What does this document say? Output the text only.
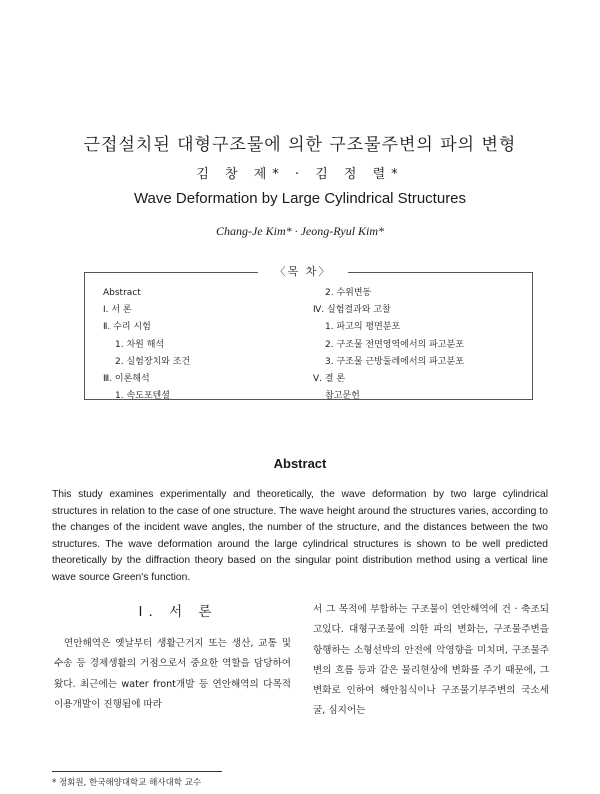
근접설치된 대형구조물에 의한 구조물주변의 파의 변형
김 창 제* · 김 정 렬*
Wave Deformation by Large Cylindrical Structures
Chang-Je Kim* · Jeong-Ryul Kim*
〈목 차〉
Abstract
Ⅰ. 서 론
Ⅱ. 수리 시험
1. 차원 해석
2. 실험장치와 조건
Ⅲ. 이론해석
1. 속도포텐셜
2. 수위변동
Ⅳ. 실험결과와 고찰
1. 파고의 평면분포
2. 구조물 전면영역에서의 파고분포
3. 구조물 근방둘레에서의 파고분포
Ⅴ. 결 론
참고문헌
Abstract
This study examines experimentally and theoretically, the wave deformation by two large cylindrical structures in relation to the case of one structure. The wave height around the structures varies, according to the changes of the incident wave angles, the number of the structure, and the distances between the two structures. The wave deformation around the large cylindrical structures is shown to be well predicted theoretically by the diffraction theory based on the singular point distribution method using a vertical line wave source Green's function.
Ⅰ. 서 론
연안해역은 옛날부터 생활근거지 또는 생산, 교통 및 수송 등 경제생활의 거점으로서 중요한 역할을 담당하여 왔다. 최근에는 water front개발 등 연안해역의 다목적 이용개발이 진행됨에 따라
서 그 목적에 부합하는 구조물이 연안해역에 건 · 축조되고있다. 대형구조물에 의한 파의 변화는, 구조물주변을 항행하는 소형선박의 안전에 악영향을 미치며, 구조물주변의 흐름 등과 같은 물리현상에 변화를 주기 때문에, 그 변화로 인하여 해안침식이나 구조물기부주변의 국소세굴, 심지어는
* 정회원, 한국해양대학교 해사대학 교수
